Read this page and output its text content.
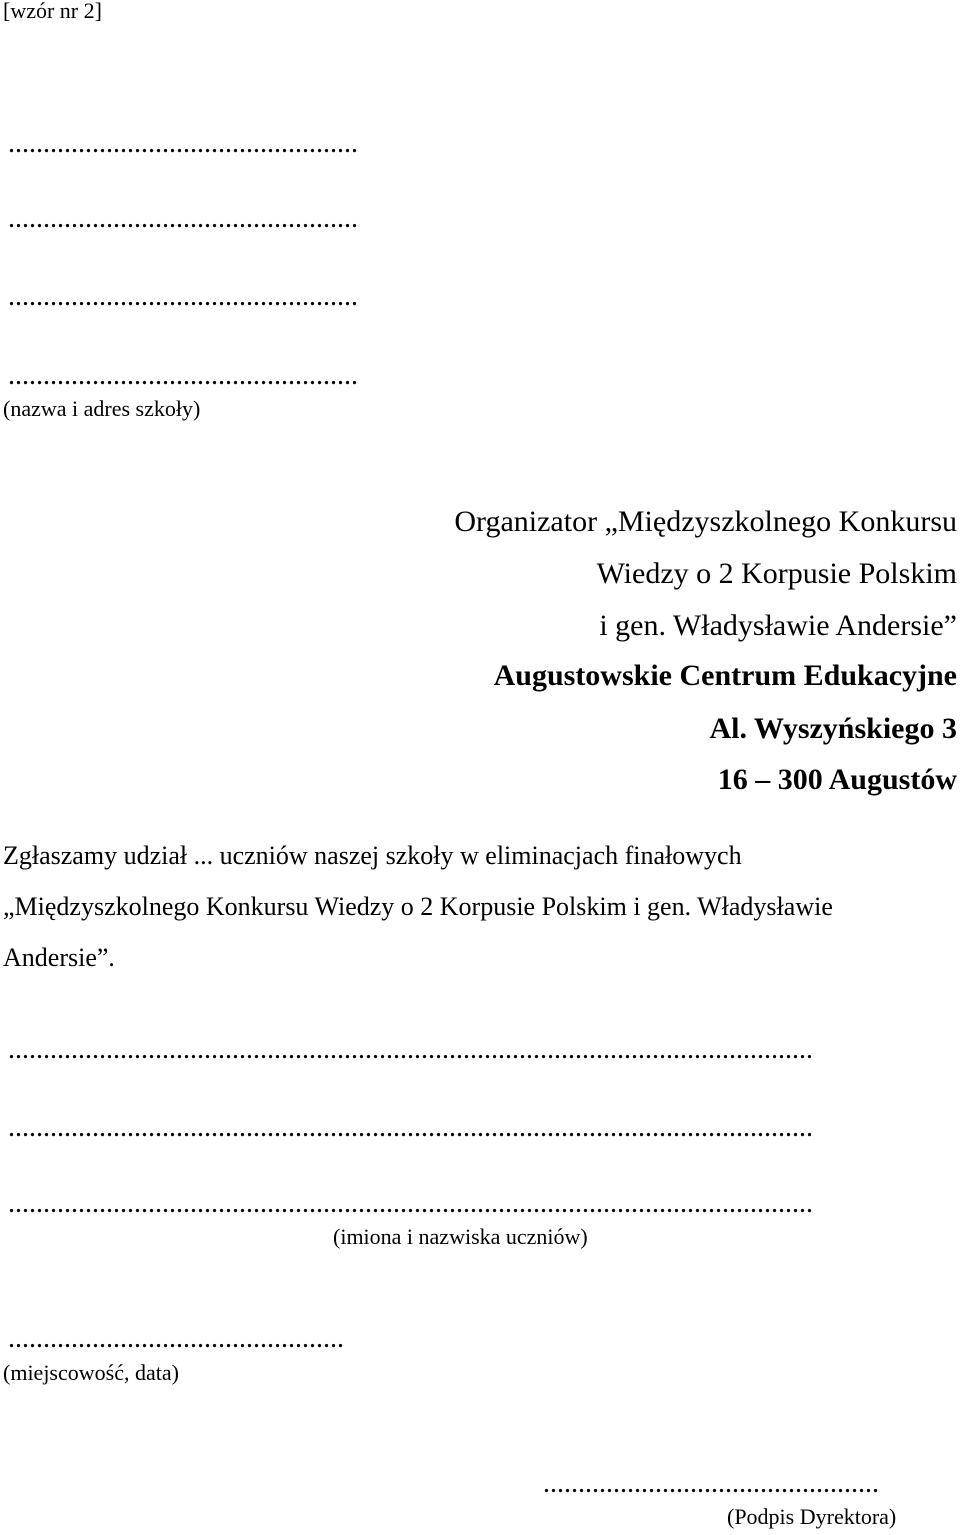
[wzór nr 2]
..................................................
..................................................
..................................................
..................................................
(nazwa i adres szkoły)
Organizator „Międzyszkolnego Konkursu
Wiedzy o 2 Korpusie Polskim
i gen. Władysławie Andersie”
Augustowskie Centrum Edukacyjne
Al. Wyszyńskiego 3
16 – 300 Augustów
Zgłaszamy udział ... uczniów naszej szkoły w eliminacjach finałowych
„Międzyszkolnego Konkursu Wiedzy o 2 Korpusie Polskim i gen. Władysławie
Andersie”.
...................................................................................................................
...................................................................................................................
...................................................................................................................
(imiona i nazwiska uczniów)
................................................
(miejscowość, data)
................................................
(Podpis Dyrektora)
